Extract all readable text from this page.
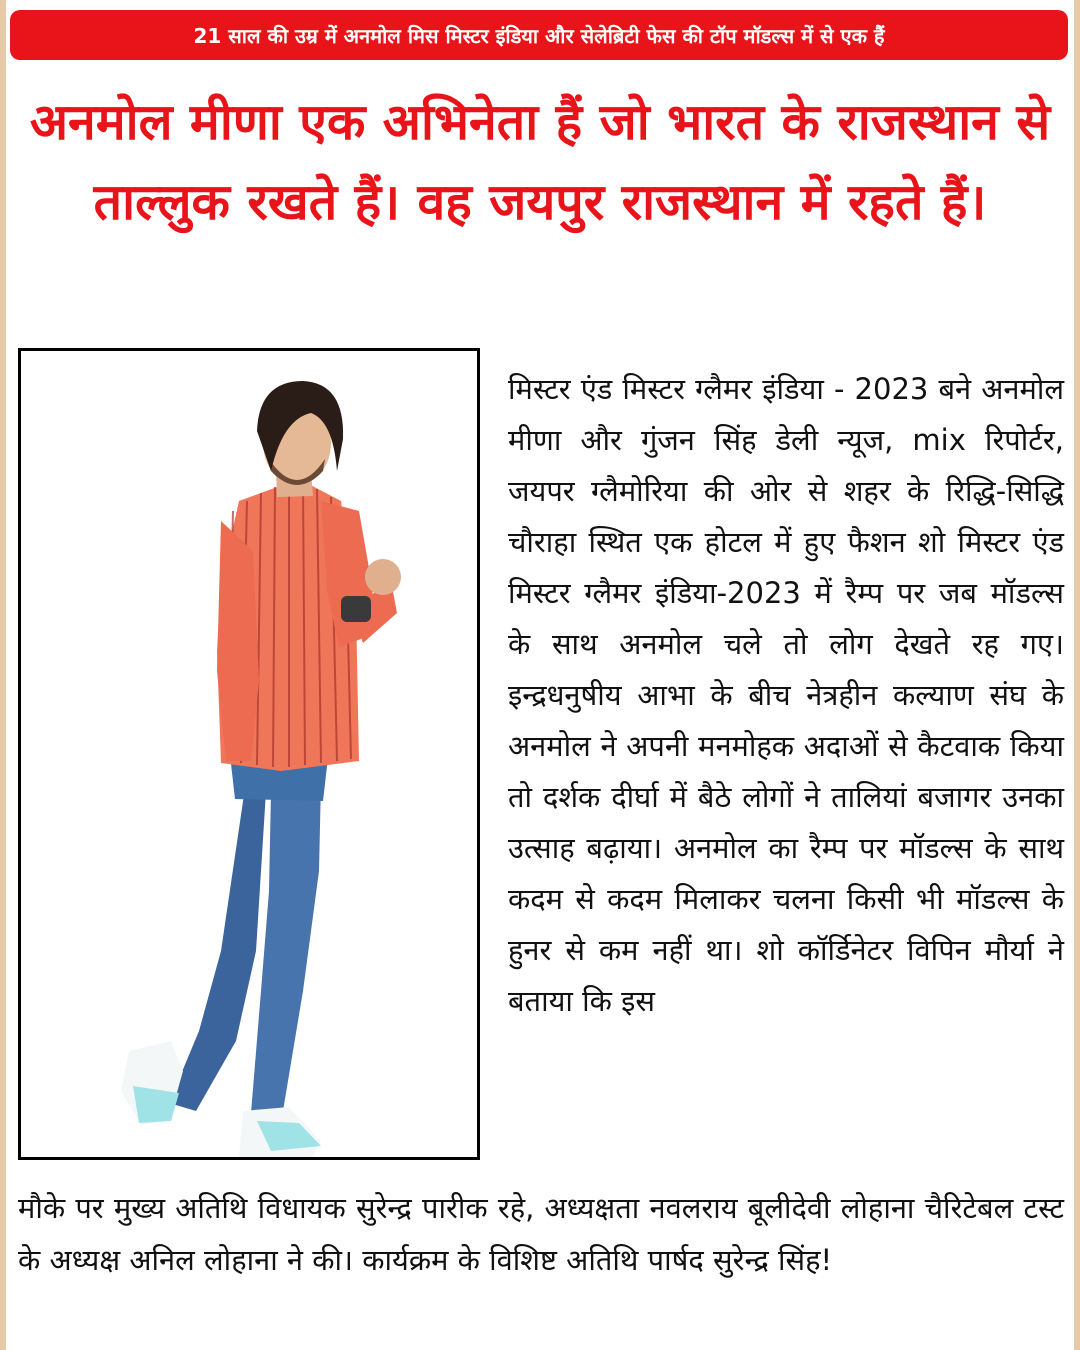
21 साल की उम्र में अनमोल मिस मिस्टर इंडिया और सेलेब्रिटी फेस की टॉप मॉडल्स में से एक हैं
अनमोल मीणा एक अभिनेता हैं जो भारत के राजस्थान से ताल्लुक रखते हैं। वह जयपुर राजस्थान में रहते हैं।

मिस्टर एंड मिस्टर ग्लैमर इंडिया - 2023 बने अनमोल मीणा और गुंजन सिंह डेली न्यूज, mix रिपोर्टर, जयपर ग्लैमोरिया की ओर से शहर के रिद्धि-सिद्धि चौराहा स्थित एक होटल में हुए फैशन शो मिस्टर एंड मिस्टर ग्लैमर इंडिया-2023 में रैम्प पर जब मॉडल्स के साथ अनमोल चले तो लोग देखते रह गए। इन्द्रधनुषीय आभा के बीच नेत्रहीन कल्याण संघ के अनमोल ने अपनी मनमोहक अदाओं से कैटवाक किया तो दर्शक दीर्घा में बैठे लोगों ने तालियां बजागर उनका उत्साह बढ़ाया। अनमोल का रैम्प पर मॉडल्स के साथ कदम से कदम मिलाकर चलना किसी भी मॉडल्स के हुनर से कम नहीं था। शो कॉर्डिनेटर विपिन मौर्या ने बताया कि इस

मौके पर मुख्य अतिथि विधायक सुरेन्द्र पारीक रहे, अध्यक्षता नवलराय बूलीदेवी लोहाना चैरिटेबल टस्ट के अध्यक्ष अनिल लोहाना ने की। कार्यक्रम के विशिष्ट अतिथि पार्षद सुरेन्द्र सिंह!
